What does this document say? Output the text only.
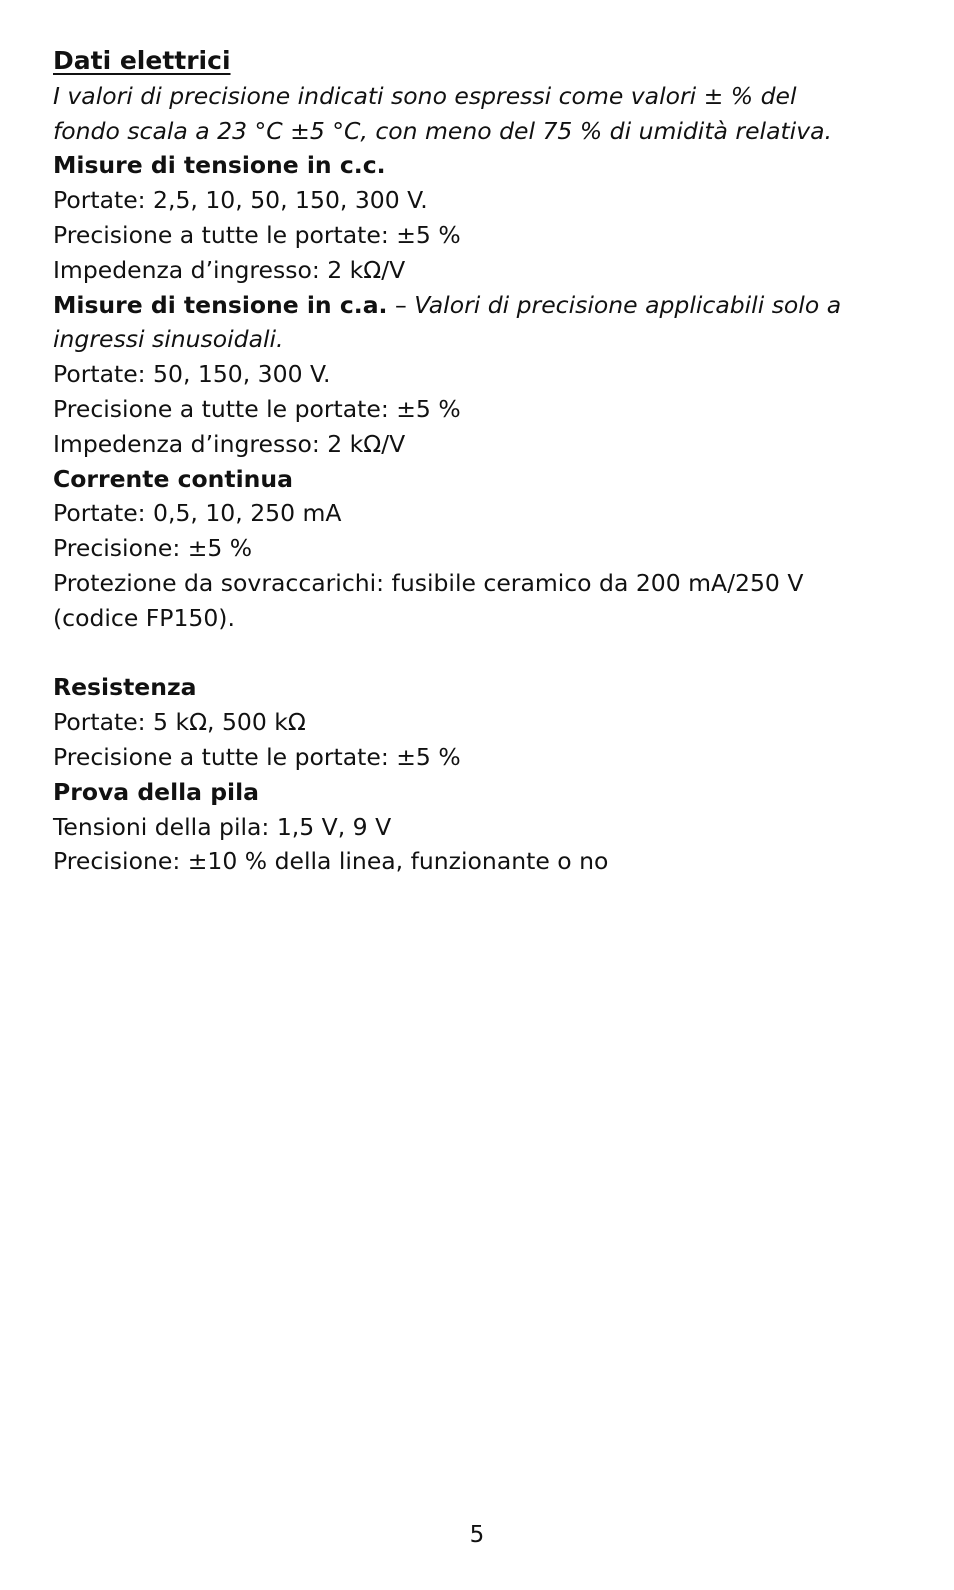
Dati elettrici
I valori di precisione indicati sono espressi come valori ± % del
fondo scala a 23 °C ±5 °C, con meno del 75 % di umidità relativa.
Misure di tensione in c.c.
Portate: 2,5, 10, 50, 150, 300 V.
Precisione a tutte le portate: ±5 %
Impedenza d’ingresso: 2 kΩ/V
Misure di tensione in c.a. – Valori di precisione applicabili solo a
ingressi sinusoidali.
Portate: 50, 150, 300 V.
Precisione a tutte le portate: ±5 %
Impedenza d’ingresso: 2 kΩ/V
Corrente continua
Portate: 0,5, 10, 250 mA
Precisione: ±5 %
Protezione da sovraccarichi: fusibile ceramico da 200 mA/250 V
(codice FP150).
Resistenza
Portate: 5 kΩ, 500 kΩ
Precisione a tutte le portate: ±5 %
Prova della pila
Tensioni della pila: 1,5 V, 9 V
Precisione: ±10 % della linea, funzionante o no
5
